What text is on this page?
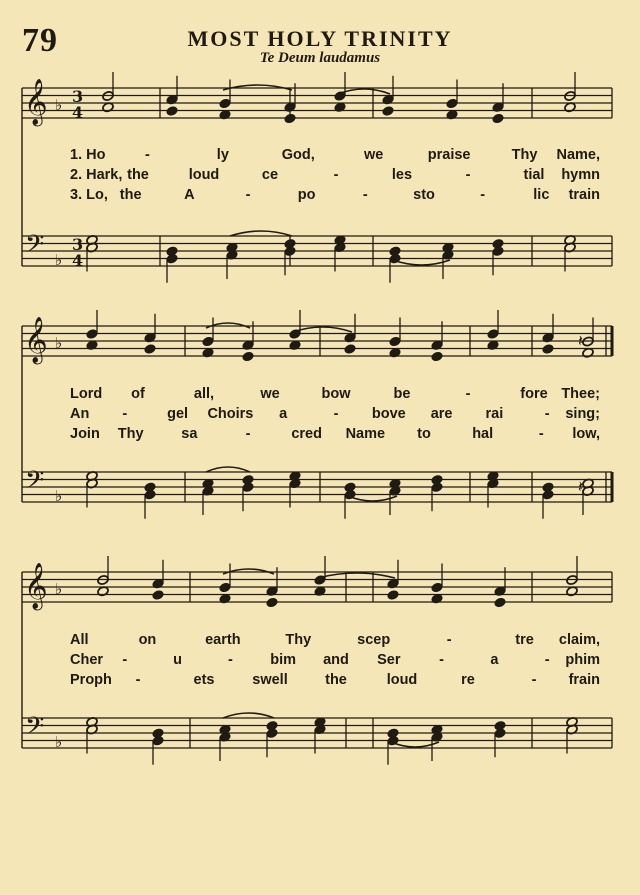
79	MOST HOLY TRINITY
Te Deum laudamus
𝄞
𝄢
♭
♭
3
4
3
4
𝄞
𝄢
♭
♭
𝄽
𝄽
𝄞
𝄢
♭
♭
1. Ho	-	ly	God,	we	praise	Thy Name,
2. Hark, the	loud	ce	-	les	-	tial hymn
3. Lo, the	A	-	po	-	sto	-	lic train
Lord of	all,	we	bow	be	-	fore Thee;
An -	gel Choirs a	- bove are rai	- sing;
Join Thy	sa	-	cred Name to	hal	- low,
All	on	earth	Thy	scep	-	tre claim,
Cher -	u	-	bim and Ser	-	a	- phim
Proph -	ets	swell	the	loud	re	- frain
